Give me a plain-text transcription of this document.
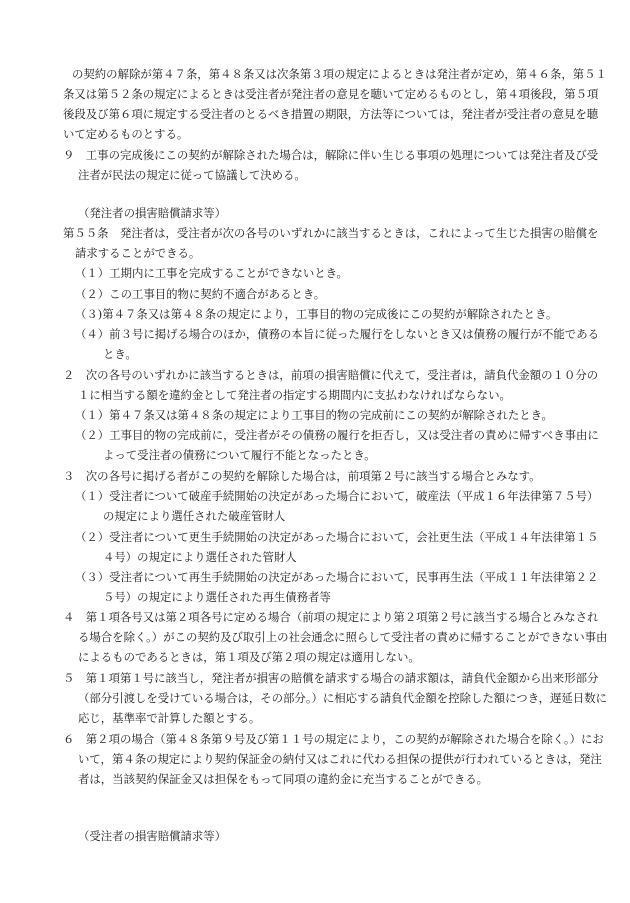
の契約の解除が第４７条，第４８条又は次条第３項の規定によるときは発注者が定め，第４６条，第５１条又は第５２条の規定によるときは受注者が発注者の意見を聴いて定めるものとし，第４項後段，第５項後段及び第６項に規定する受注者のとるべき措置の期限，方法等については，発注者が受注者の意見を聴いて定めるものとする。

９　工事の完成後にこの契約が解除された場合は，解除に伴い生じる事項の処理については発注者及び受注者が民法の規定に従って協議して決める。

（発注者の損害賠償請求等）

第５５条　発注者は，受注者が次の各号のいずれかに該当するときは，これによって生じた損害の賠償を請求することができる。

（１）工期内に工事を完成することができないとき。

（２）この工事目的物に契約不適合があるとき。

（３)第４７条又は第４８条の規定により，工事目的物の完成後にこの契約が解除されたとき。

（４）前３号に掲げる場合のほか，債務の本旨に従った履行をしないとき又は債務の履行が不能であるとき。

２　次の各号のいずれかに該当するときは，前項の損害賠償に代えて，受注者は，請負代金額の１０分の１に相当する額を違約金として発注者の指定する期間内に支払わなければならない。

（１）第４７条又は第４８条の規定により工事目的物の完成前にこの契約が解除されたとき。

（２）工事目的物の完成前に，受注者がその債務の履行を拒否し，又は受注者の責めに帰すべき事由によって受注者の債務について履行不能となったとき。

３　次の各号に掲げる者がこの契約を解除した場合は，前項第２号に該当する場合とみなす。

（１）受注者について破産手続開始の決定があった場合において，破産法（平成１６年法律第７５号）の規定により選任された破産管財人

（２）受注者について更生手続開始の決定があった場合において，会社更生法（平成１４年法律第１５４号）の規定により選任された管財人

（３）受注者について再生手続開始の決定があった場合において，民事再生法（平成１１年法律第２２５号）の規定により選任された再生債務者等

４　第１項各号又は第２項各号に定める場合（前項の規定により第２項第２号に該当する場合とみなされる場合を除く。）がこの契約及び取引上の社会通念に照らして受注者の責めに帰することができない事由によるものであるときは，第１項及び第２項の規定は適用しない。

５　第１項第１号に該当し，発注者が損害の賠償を請求する場合の請求額は，請負代金額から出来形部分（部分引渡しを受けている場合は，その部分。）に相応する請負代金額を控除した額につき，遅延日数に応じ，基準率で計算した額とする。

６　第２項の場合（第４８条第９号及び第１１号の規定により，この契約が解除された場合を除く。）において，第４条の規定により契約保証金の納付又はこれに代わる担保の提供が行われているときは，発注者は，当該契約保証金又は担保をもって同項の違約金に充当することができる。

（受注者の損害賠償請求等）
